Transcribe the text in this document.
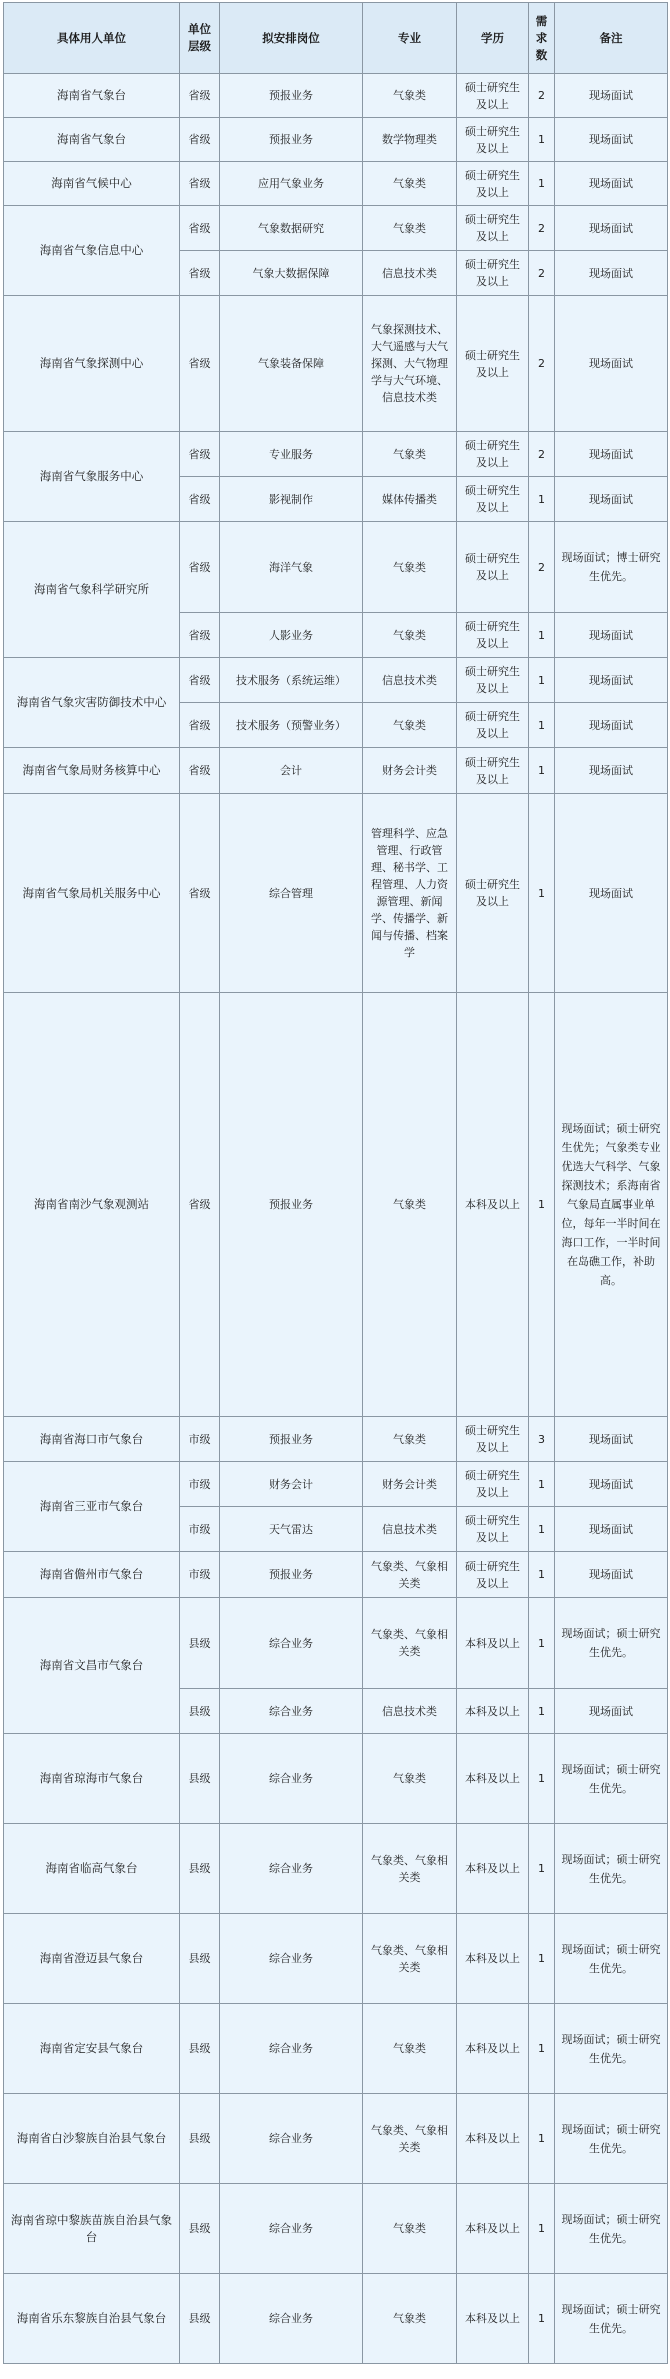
具体用人单位	单位层级	拟安排岗位	专业	学历	需求数	备注
海南省气象台	省级	预报业务	气象类	硕士研究生及以上	2	现场面试
海南省气象台	省级	预报业务	数学物理类	硕士研究生及以上	1	现场面试
海南省气候中心	省级	应用气象业务	气象类	硕士研究生及以上	1	现场面试
海南省气象信息中心	省级	气象数据研究	气象类	硕士研究生及以上	2	现场面试
	省级	气象大数据保障	信息技术类	硕士研究生及以上	2	现场面试
海南省气象探测中心	省级	气象装备保障	气象探测技术、大气遥感与大气探测、大气物理学与大气环境、信息技术类	硕士研究生及以上	2	现场面试
海南省气象服务中心	省级	专业服务	气象类	硕士研究生及以上	2	现场面试
	省级	影视制作	媒体传播类	硕士研究生及以上	1	现场面试
海南省气象科学研究所	省级	海洋气象	气象类	硕士研究生及以上	2	现场面试；博士研究生优先。
	省级	人影业务	气象类	硕士研究生及以上	1	现场面试
海南省气象灾害防御技术中心	省级	技术服务（系统运维）	信息技术类	硕士研究生及以上	1	现场面试
	省级	技术服务（预警业务）	气象类	硕士研究生及以上	1	现场面试
海南省气象局财务核算中心	省级	会计	财务会计类	硕士研究生及以上	1	现场面试
海南省气象局机关服务中心	省级	综合管理	管理科学、应急管理、行政管理、秘书学、工程管理、人力资源管理、新闻学、传播学、新闻与传播、档案学	硕士研究生及以上	1	现场面试
海南省南沙气象观测站	省级	预报业务	气象类	本科及以上	1	现场面试；硕士研究生优先；气象类专业优选大气科学、气象探测技术；系海南省气象局直属事业单位，每年一半时间在海口工作，一半时间在岛礁工作，补助高。
海南省海口市气象台	市级	预报业务	气象类	硕士研究生及以上	3	现场面试
海南省三亚市气象台	市级	财务会计	财务会计类	硕士研究生及以上	1	现场面试
	市级	天气雷达	信息技术类	硕士研究生及以上	1	现场面试
海南省儋州市气象台	市级	预报业务	气象类、气象相关类	硕士研究生及以上	1	现场面试
海南省文昌市气象台	县级	综合业务	气象类、气象相关类	本科及以上	1	现场面试；硕士研究生优先。
	县级	综合业务	信息技术类	本科及以上	1	现场面试
海南省琼海市气象台	县级	综合业务	气象类	本科及以上	1	现场面试；硕士研究生优先。
海南省临高气象台	县级	综合业务	气象类、气象相关类	本科及以上	1	现场面试；硕士研究生优先。
海南省澄迈县气象台	县级	综合业务	气象类、气象相关类	本科及以上	1	现场面试；硕士研究生优先。
海南省定安县气象台	县级	综合业务	气象类	本科及以上	1	现场面试；硕士研究生优先。
海南省白沙黎族自治县气象台	县级	综合业务	气象类、气象相关类	本科及以上	1	现场面试；硕士研究生优先。
海南省琼中黎族苗族自治县气象台	县级	综合业务	气象类	本科及以上	1	现场面试；硕士研究生优先。
海南省乐东黎族自治县气象台	县级	综合业务	气象类	本科及以上	1	现场面试；硕士研究生优先。
